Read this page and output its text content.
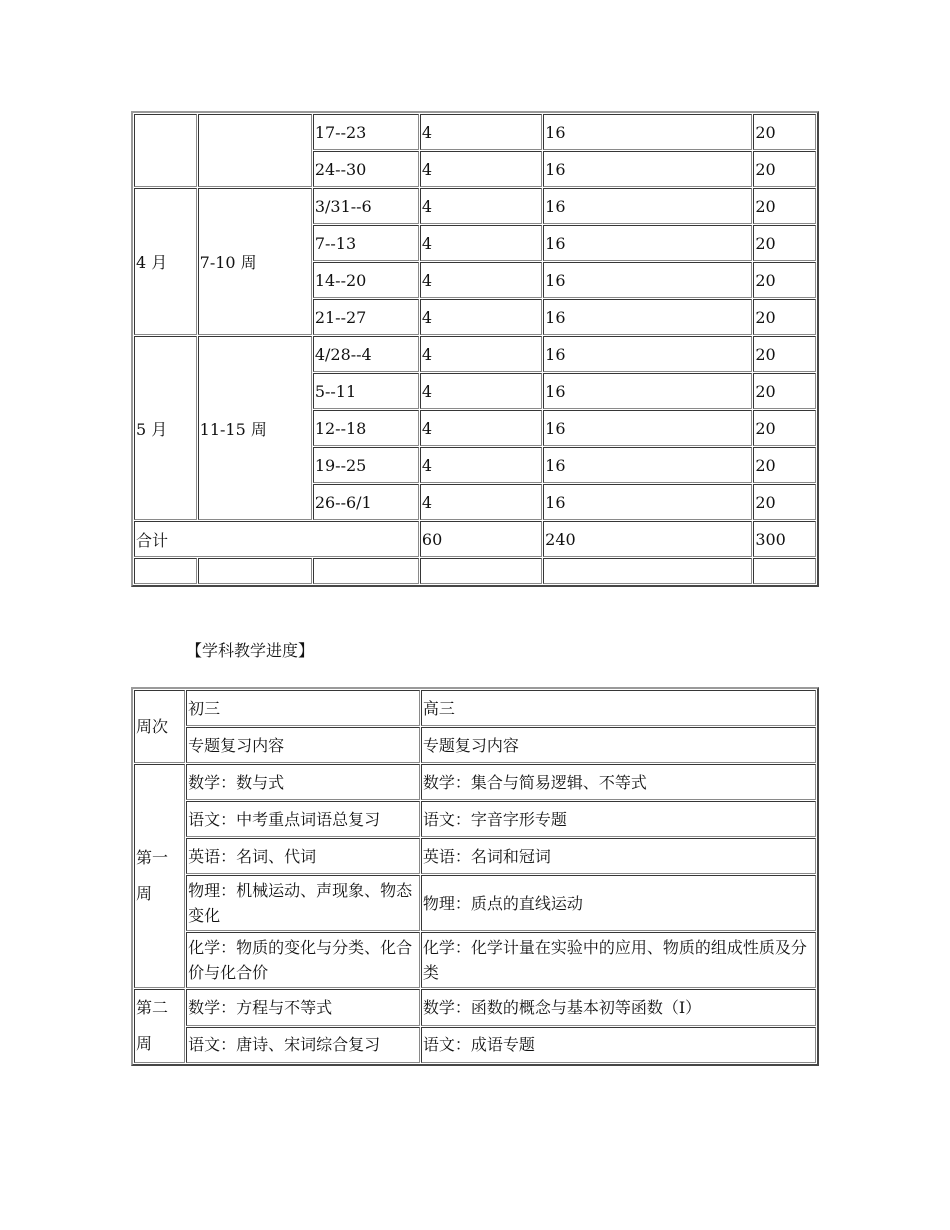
		17--23	4	16	20
		24--30	4	16	20
4 月	7-10 周	3/31--6	4	16	20
		7--13	4	16	20
		14--20	4	16	20
		21--27	4	16	20
5 月	11-15 周	4/28--4	4	16	20
		5--11	4	16	20
		12--18	4	16	20
		19--25	4	16	20
		26--6/1	4	16	20
合计			60	240	300

【学科教学进度】
周次	初三	高三
	专题复习内容	专题复习内容
第一周	数学：数与式	数学：集合与简易逻辑、不等式
	语文：中考重点词语总复习	语文：字音字形专题
	英语：名词、代词	英语：名词和冠词
	物理：机械运动、声现象、物态变化	物理：质点的直线运动
	化学：物质的变化与分类、化合价与化合价	化学：化学计量在实验中的应用、物质的组成性质及分类
第二周	数学：方程与不等式	数学：函数的概念与基本初等函数（Ⅰ）
	语文：唐诗、宋词综合复习	语文：成语专题
